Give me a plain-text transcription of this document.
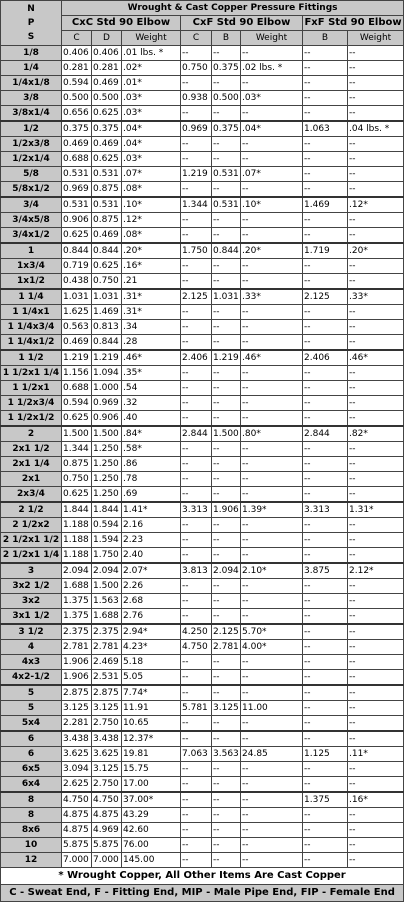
N
P
S	Wrought & Cast Copper Pressure Fittings							
	CxC Std 90 Elbow			CxF Std 90 Elbow			FxF Std 90 Elbow	
	C	D	Weight	C	B	Weight	B	Weight
1/8	0.406	0.406	.01 lbs. *	--	--	--	--	--
1/4	0.281	0.281	.02*	0.750	0.375	.02 lbs. *	--	--
1/4x1/8	0.594	0.469	.01*	--	--	--	--	--
3/8	0.500	0.500	.03*	0.938	0.500	.03*	--	--
3/8x1/4	0.656	0.625	.03*	--	--	--	--	--
1/2	0.375	0.375	.04*	0.969	0.375	.04*	1.063	.04 lbs. *
1/2x3/8	0.469	0.469	.04*	--	--	--	--	--
1/2x1/4	0.688	0.625	.03*	--	--	--	--	--
5/8	0.531	0.531	.07*	1.219	0.531	.07*	--	--
5/8x1/2	0.969	0.875	.08*	--	--	--	--	--
3/4	0.531	0.531	.10*	1.344	0.531	.10*	1.469	.12*
3/4x5/8	0.906	0.875	.12*	--	--	--	--	--
3/4x1/2	0.625	0.469	.08*	--	--	--	--	--
1	0.844	0.844	.20*	1.750	0.844	.20*	1.719	.20*
1x3/4	0.719	0.625	.16*	--	--	--	--	--
1x1/2	0.438	0.750	.21	--	--	--	--	--
1 1/4	1.031	1.031	.31*	2.125	1.031	.33*	2.125	.33*
1 1/4x1	1.625	1.469	.31*	--	--	--	--	--
1 1/4x3/4	0.563	0.813	.34	--	--	--	--	--
1 1/4x1/2	0.469	0.844	.28	--	--	--	--	--
1 1/2	1.219	1.219	.46*	2.406	1.219	.46*	2.406	.46*
1 1/2x1 1/4	1.156	1.094	.35*	--	--	--	--	--
1 1/2x1	0.688	1.000	.54	--	--	--	--	--
1 1/2x3/4	0.594	0.969	.32	--	--	--	--	--
1 1/2x1/2	0.625	0.906	.40	--	--	--	--	--
2	1.500	1.500	.84*	2.844	1.500	.80*	2.844	.82*
2x1 1/2	1.344	1.250	.58*	--	--	--	--	--
2x1 1/4	0.875	1.250	.86	--	--	--	--	--
2x1	0.750	1.250	.78	--	--	--	--	--
2x3/4	0.625	1.250	.69	--	--	--	--	--
2 1/2	1.844	1.844	1.41*	3.313	1.906	1.39*	3.313	1.31*
2 1/2x2	1.188	0.594	2.16	--	--	--	--	--
2 1/2x1 1/2	1.188	1.594	2.23	--	--	--	--	--
2 1/2x1 1/4	1.188	1.750	2.40	--	--	--	--	--
3	2.094	2.094	2.07*	3.813	2.094	2.10*	3.875	2.12*
3x2 1/2	1.688	1.500	2.26	--	--	--	--	--
3x2	1.375	1.563	2.68	--	--	--	--	--
3x1 1/2	1.375	1.688	2.76	--	--	--	--	--
3 1/2	2.375	2.375	2.94*	4.250	2.125	5.70*	--	--
4	2.781	2.781	4.23*	4.750	2.781	4.00*	--	--
4x3	1.906	2.469	5.18	--	--	--	--	--
4x2-1/2	1.906	2.531	5.05	--	--	--	--	--
5	2.875	2.875	7.74*	--	--	--	--	--
5	3.125	3.125	11.91	5.781	3.125	11.00	--	--
5x4	2.281	2.750	10.65	--	--	--	--	--
6	3.438	3.438	12.37*	--	--	--	--	--
6	3.625	3.625	19.81	7.063	3.563	24.85	1.125	.11*
6x5	3.094	3.125	15.75	--	--	--	--	--
6x4	2.625	2.750	17.00	--	--	--	--	--
8	4.750	4.750	37.00*	--	--	--	1.375	.16*
8	4.875	4.875	43.29	--	--	--	--	--
8x6	4.875	4.969	42.60	--	--	--	--	--
10	5.875	5.875	76.00	--	--	--	--	--
12	7.000	7.000	145.00	--	--	--	--	--
* Wrought Copper, All Other Items Are Cast Copper								
C - Sweat End, F - Fitting End, MIP - Male Pipe End, FIP - Female End								
